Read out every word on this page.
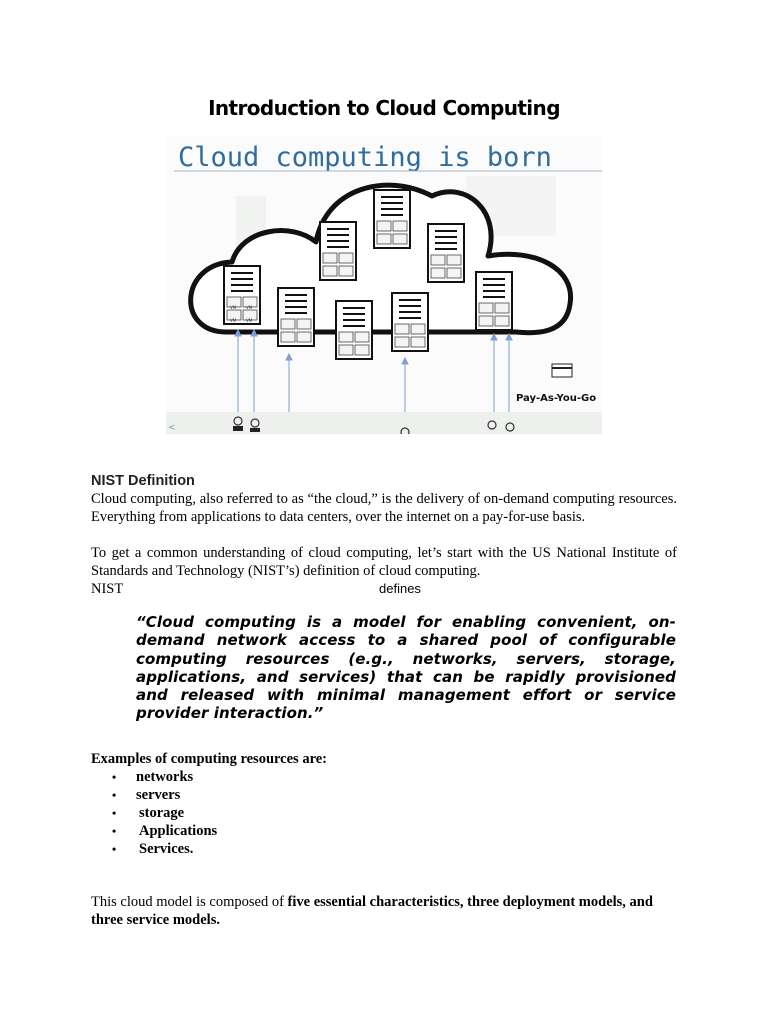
Introduction to Cloud Computing
Cloud computing is born
VM VM
VM VM
Pay-As-You-Go
<
NIST Definition
Cloud computing, also referred to as “the cloud,” is the delivery of on-demand computing resources. Everything from applications to data centers, over the internet on a pay-for-use basis.
To get a common understanding of cloud computing, let’s start with the US National Institute of Standards and Technology (NIST’s) definition of cloud computing.
NIST	defines
“Cloud computing is a model for enabling convenient, on-demand network access to a shared pool of configurable computing resources (e.g., networks, servers, storage, applications, and services) that can be rapidly provisioned and released with minimal management effort or service provider interaction.”
Examples of computing resources are:
• networks
• servers
• storage
• Applications
• Services.
This cloud model is composed of five essential characteristics, three deployment models, and three service models.
